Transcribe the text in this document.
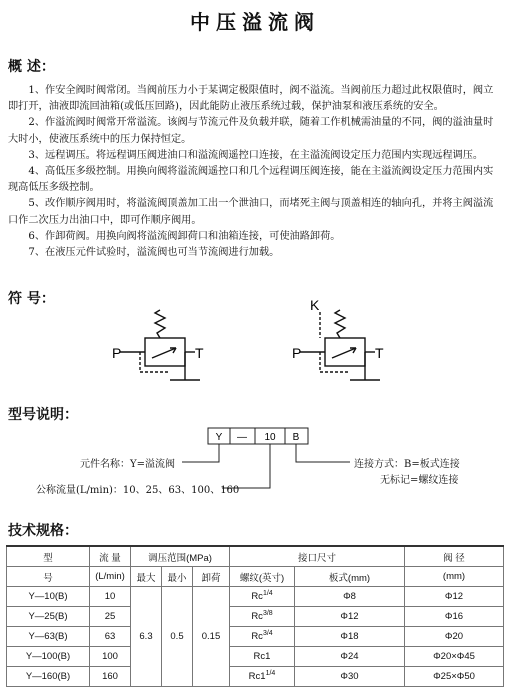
中压溢流阀
概 述：

1、作安全阀时阀常闭。当阀前压力小于某调定极限值时，阀不溢流。当阀前压力超过此权限值时，阀立即打开，油液即流回油箱(或低压回路)，因此能防止液压系统过载，保护油泵和液压系统的安全。

2、作溢流阀时阀常开常溢流。该阀与节流元件及负载并联，随着工作机械需油量的不同，阀的溢油量时大时小，使液压系统中的压力保持恒定。

3、远程调压。将远程调压阀进油口和溢流阀遥控口连接，在主溢流阀设定压力范围内实现远程调压。

4、高低压多级控制。用换向阀将溢流阀遥控口和几个远程调压阀连接，能在主溢流阀设定压力范围内实现高低压多级控制。

5、改作顺序阀用时，将溢流阀顶盖加工出一个泄油口，而堵死主阀与顶盖相连的轴向孔，并将主阀溢流口作二次压力出油口中，即可作顺序阀用。

6、作卸荷阀。用换向阀将溢流阀卸荷口和油箱连接，可使油路卸荷。

7、在液压元件试验时，溢流阀也可当节流阀进行加载。

符 号：
P	T
K
P	T
型号说明：
Y — 10 B
元件名称：Y=溢流阀
公称流量(L/min)：10、25、63、100、160
连接方式：B=板式连接
无标记=螺纹连接
技术规格：
型	流 量	调压范围(MPa)			接口尺寸		阀 径
号	(L/min)	最大	最小	卸荷	螺纹(英寸)	板式(mm)	(mm)
Y—10(B)	10	6.3	0.5	0.15	$Rc^{1/4}$	Φ8	Φ12
Y—25(B)	25				$Rc^{3/8}$	Φ12	Φ16
Y—63(B)	63				$Rc^{3/4}$	Φ18	Φ20
Y—100(B)	100				Rc1	Φ24	Φ20×Φ45
Y—160(B)	160				$Rc1^{1/4}$	Φ30	Φ25×Φ50
